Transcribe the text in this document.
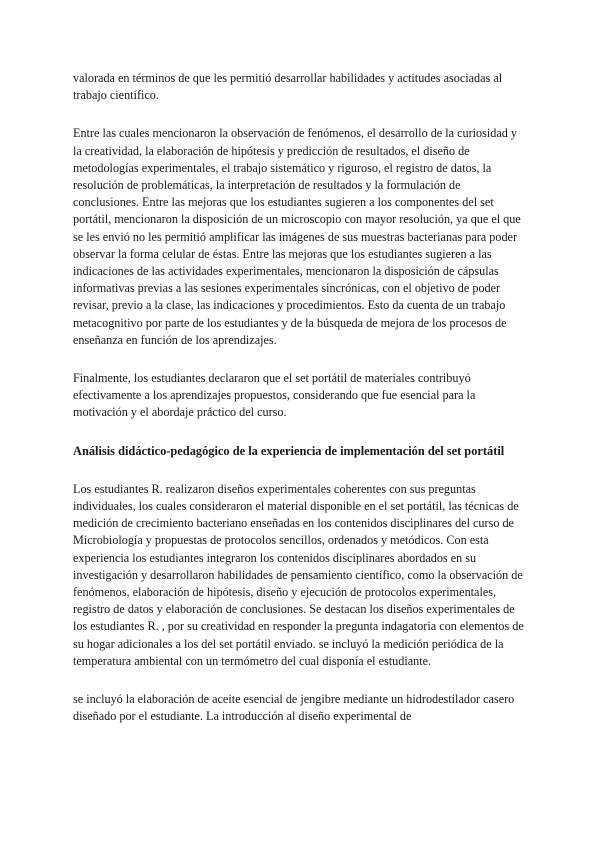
valorada en términos de que les permitió desarrollar habilidades y actitudes asociadas al trabajo científico.

Entre las cuales mencionaron la observación de fenómenos, el desarrollo de la curiosidad y la creatividad, la elaboración de hipótesis y predicción de resultados, el diseño de metodologías experimentales, el trabajo sistemático y riguroso, el registro de datos, la resolución de problemáticas, la interpretación de resultados y la formulación de conclusiones. Entre las mejoras que los estudiantes sugieren a los componentes del set portátil, mencionaron la disposición de un microscopio con mayor resolución, ya que el que se les envió no les permitió amplificar las imágenes de sus muestras bacterianas para poder observar la forma celular de éstas. Entre las mejoras que los estudiantes sugieren a las indicaciones de las actividades experimentales, mencionaron la disposición de cápsulas informativas previas a las sesiones experimentales sincrónicas, con el objetivo de poder revisar, previo a la clase, las indicaciones y procedimientos. Esto da cuenta de un trabajo metacognitivo por parte de los estudiantes y de la búsqueda de mejora de los procesos de enseñanza en función de los aprendizajes.

Finalmente, los estudiantes declararon que el set portátil de materiales contribuyó efectivamente a los aprendizajes propuestos, considerando que fue esencial para la motivación y el abordaje práctico del curso.

Análisis didáctico-pedagógico de la experiencia de implementación del set portátil

Los estudiantes R. realizaron diseños experimentales coherentes con sus preguntas individuales, los cuales consideraron el material disponible en el set portátil, las técnicas de medición de crecimiento bacteriano enseñadas en los contenidos disciplinares del curso de Microbiología y propuestas de protocolos sencillos, ordenados y metódicos. Con esta experiencia los estudiantes integraron los contenidos disciplinares abordados en su investigación y desarrollaron habilidades de pensamiento científico, como la observación de fenómenos, elaboración de hipótesis, diseño y ejecución de protocolos experimentales, registro de datos y elaboración de conclusiones. Se destacan los diseños experimentales de los estudiantes R. , por su creatividad en responder la pregunta indagatoria con elementos de su hogar adicionales a los del set portátil enviado. se incluyó la medición periódica de la temperatura ambiental con un termómetro del cual disponía el estudiante.

se incluyó la elaboración de aceite esencial de jengibre mediante un hidrodestilador casero diseñado por el estudiante. La introducción al diseño experimental de
